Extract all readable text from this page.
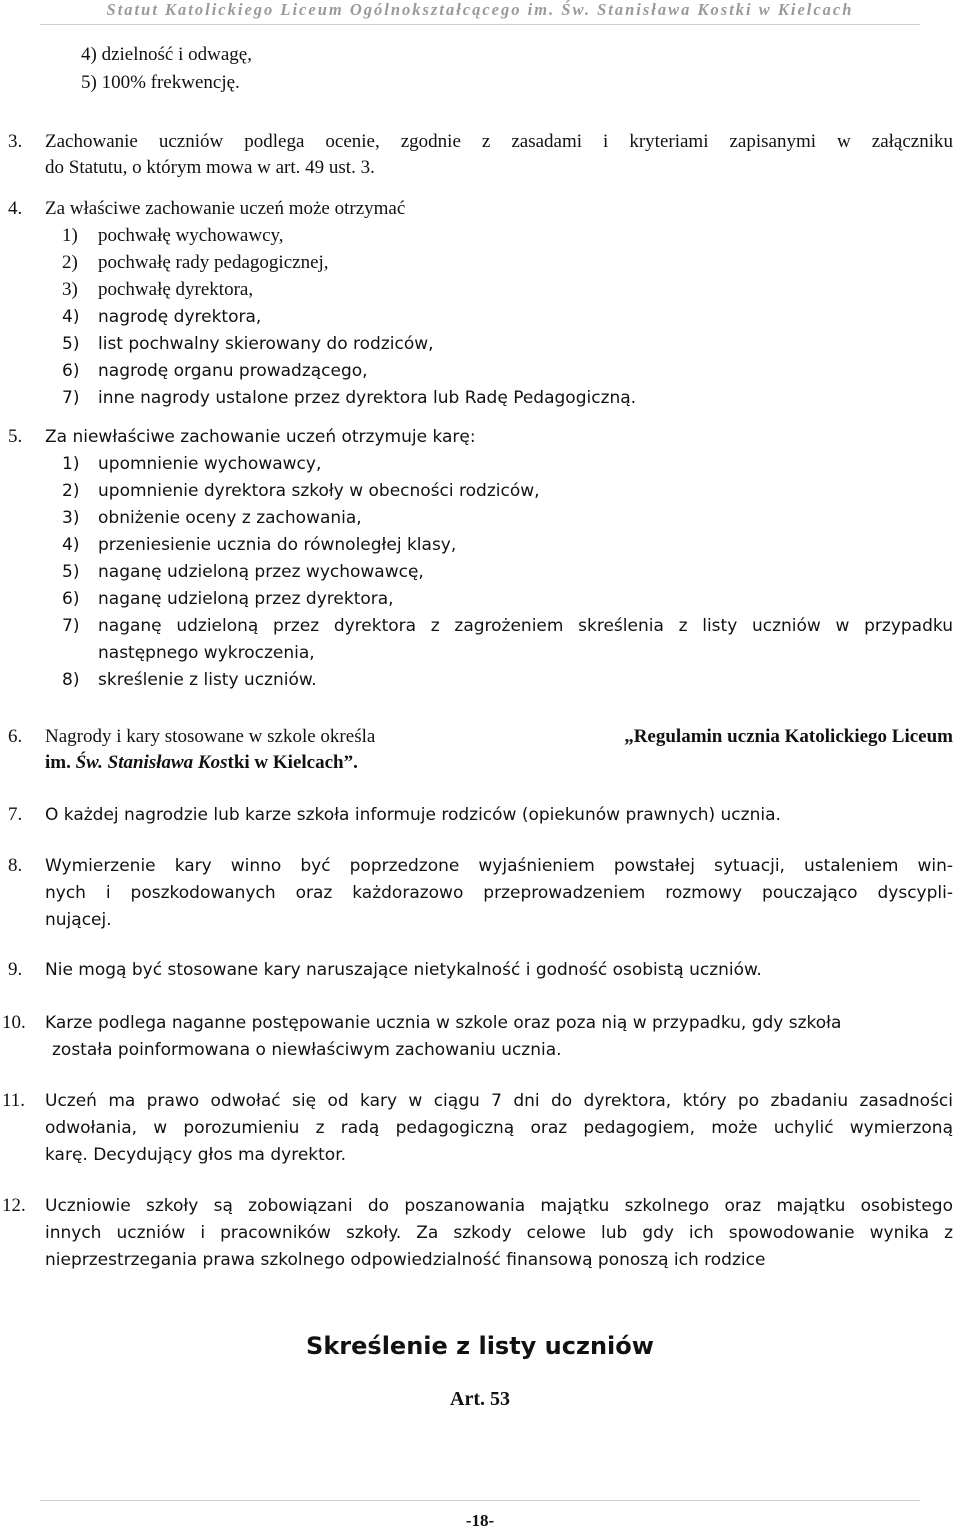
Statut Katolickiego Liceum Ogólnokształcącego im. Św. Stanisława Kostki w Kielcach
4) dzielność i odwagę,
5) 100% frekwencję.
3. Zachowanie uczniów podlega ocenie, zgodnie z zasadami i kryteriami zapisanymi w załączniku
do Statutu, o którym mowa w art. 49 ust. 3.
4. Za właściwe zachowanie uczeń może otrzymać
1) pochwałę wychowawcy,
2) pochwałę rady pedagogicznej,
3) pochwałę dyrektora,
4) nagrodę dyrektora,
5) list pochwalny skierowany do rodziców,
6) nagrodę organu prowadzącego,
7) inne nagrody ustalone przez dyrektora lub Radę Pedagogiczną.
5. Za niewłaściwe zachowanie uczeń otrzymuje karę:
1) upomnienie wychowawcy,
2) upomnienie dyrektora szkoły w obecności rodziców,
3) obniżenie oceny z zachowania,
4) przeniesienie ucznia do równoległej klasy,
5) naganę udzieloną przez wychowawcę,
6) naganę udzieloną przez dyrektora,
7) naganę udzieloną przez dyrektora z zagrożeniem skreślenia z listy uczniów w przypadku
następnego wykroczenia,
8) skreślenie z listy uczniów.
6. Nagrody i kary stosowane w szkole określa	„Regulamin ucznia Katolickiego Liceum
im. Św. Stanisława Kostki w Kielcach”.
7. O każdej nagrodzie lub karze szkoła informuje rodziców (opiekunów prawnych) ucznia.
8. Wymierzenie kary winno być poprzedzone wyjaśnieniem powstałej sytuacji, ustaleniem win-
nych i poszkodowanych oraz każdorazowo przeprowadzeniem rozmowy pouczająco dyscypli-
nującej.
9. Nie mogą być stosowane kary naruszające nietykalność i godność osobistą uczniów.
10. Karze podlega naganne postępowanie ucznia w szkole oraz poza nią w przypadku, gdy szkoła
została poinformowana o niewłaściwym zachowaniu ucznia.
11. Uczeń ma prawo odwołać się od kary w ciągu 7 dni do dyrektora, który po zbadaniu zasadności
odwołania, w porozumieniu z radą pedagogiczną oraz pedagogiem, może uchylić wymierzoną
karę. Decydujący głos ma dyrektor.
12. Uczniowie szkoły są zobowiązani do poszanowania majątku szkolnego oraz majątku osobistego
innych uczniów i pracowników szkoły. Za szkody celowe lub gdy ich spowodowanie wynika z
nieprzestrzegania prawa szkolnego odpowiedzialność finansową ponoszą ich rodzice
Skreślenie z listy uczniów
Art. 53
-18-
